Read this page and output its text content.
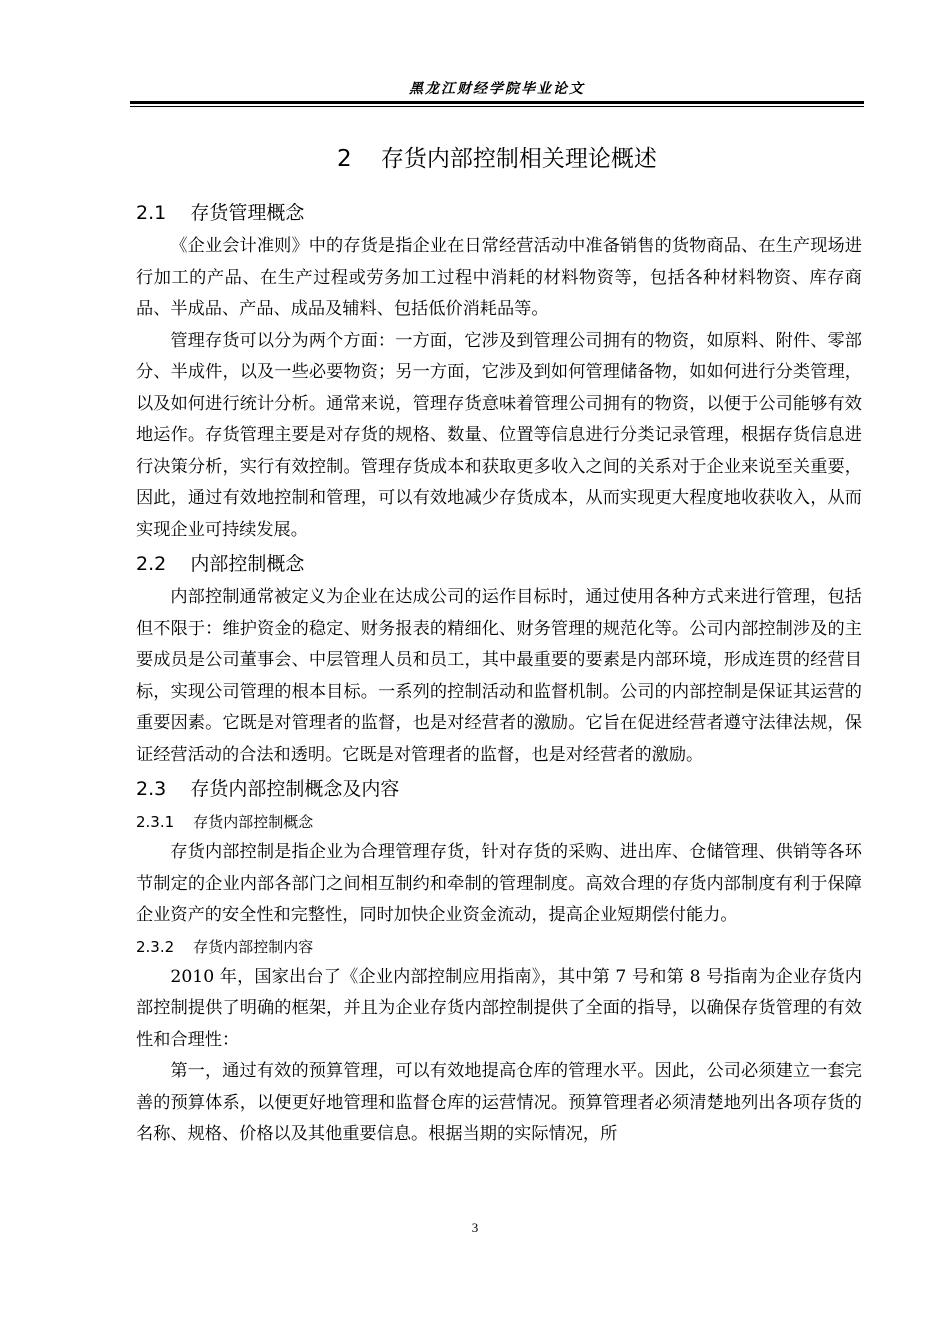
黑龙江财经学院毕业论文
2    存货内部控制相关理论概述
2.1    存货管理概念

《企业会计准则》中的存货是指企业在日常经营活动中准备销售的货物商品、在生产现场进行加工的产品、在生产过程或劳务加工过程中消耗的材料物资等，包括各种材料物资、库存商品、半成品、产品、成品及辅料、包括低价消耗品等。

管理存货可以分为两个方面：一方面，它涉及到管理公司拥有的物资，如原料、附件、零部分、半成件，以及一些必要物资；另一方面，它涉及到如何管理储备物，如如何进行分类管理，以及如何进行统计分析。通常来说，管理存货意味着管理公司拥有的物资，以便于公司能够有效地运作。存货管理主要是对存货的规格、数量、位置等信息进行分类记录管理，根据存货信息进行决策分析，实行有效控制。管理存货成本和获取更多收入之间的关系对于企业来说至关重要，因此，通过有效地控制和管理，可以有效地减少存货成本，从而实现更大程度地收获收入，从而实现企业可持续发展。

2.2    内部控制概念

内部控制通常被定义为企业在达成公司的运作目标时，通过使用各种方式来进行管理，包括但不限于：维护资金的稳定、财务报表的精细化、财务管理的规范化等。公司内部控制涉及的主要成员是公司董事会、中层管理人员和员工，其中最重要的要素是内部环境，形成连贯的经营目标，实现公司管理的根本目标。一系列的控制活动和监督机制。公司的内部控制是保证其运营的重要因素。它既是对管理者的监督，也是对经营者的激励。它旨在促进经营者遵守法律法规，保证经营活动的合法和透明。它既是对管理者的监督，也是对经营者的激励。

2.3    存货内部控制概念及内容
2.3.1    存货内部控制概念

存货内部控制是指企业为合理管理存货，针对存货的采购、进出库、仓储管理、供销等各环节制定的企业内部各部门之间相互制约和牵制的管理制度。高效合理的存货内部制度有利于保障企业资产的安全性和完整性，同时加快企业资金流动，提高企业短期偿付能力。

2.3.2    存货内部控制内容

2010 年，国家出台了《企业内部控制应用指南》，其中第 7 号和第 8 号指南为企业存货内部控制提供了明确的框架，并且为企业存货内部控制提供了全面的指导，以确保存货管理的有效性和合理性：

第一，通过有效的预算管理，可以有效地提高仓库的管理水平。因此，公司必须建立一套完善的预算体系，以便更好地管理和监督仓库的运营情况。预算管理者必须清楚地列出各项存货的名称、规格、价格以及其他重要信息。根据当期的实际情况，所

3
